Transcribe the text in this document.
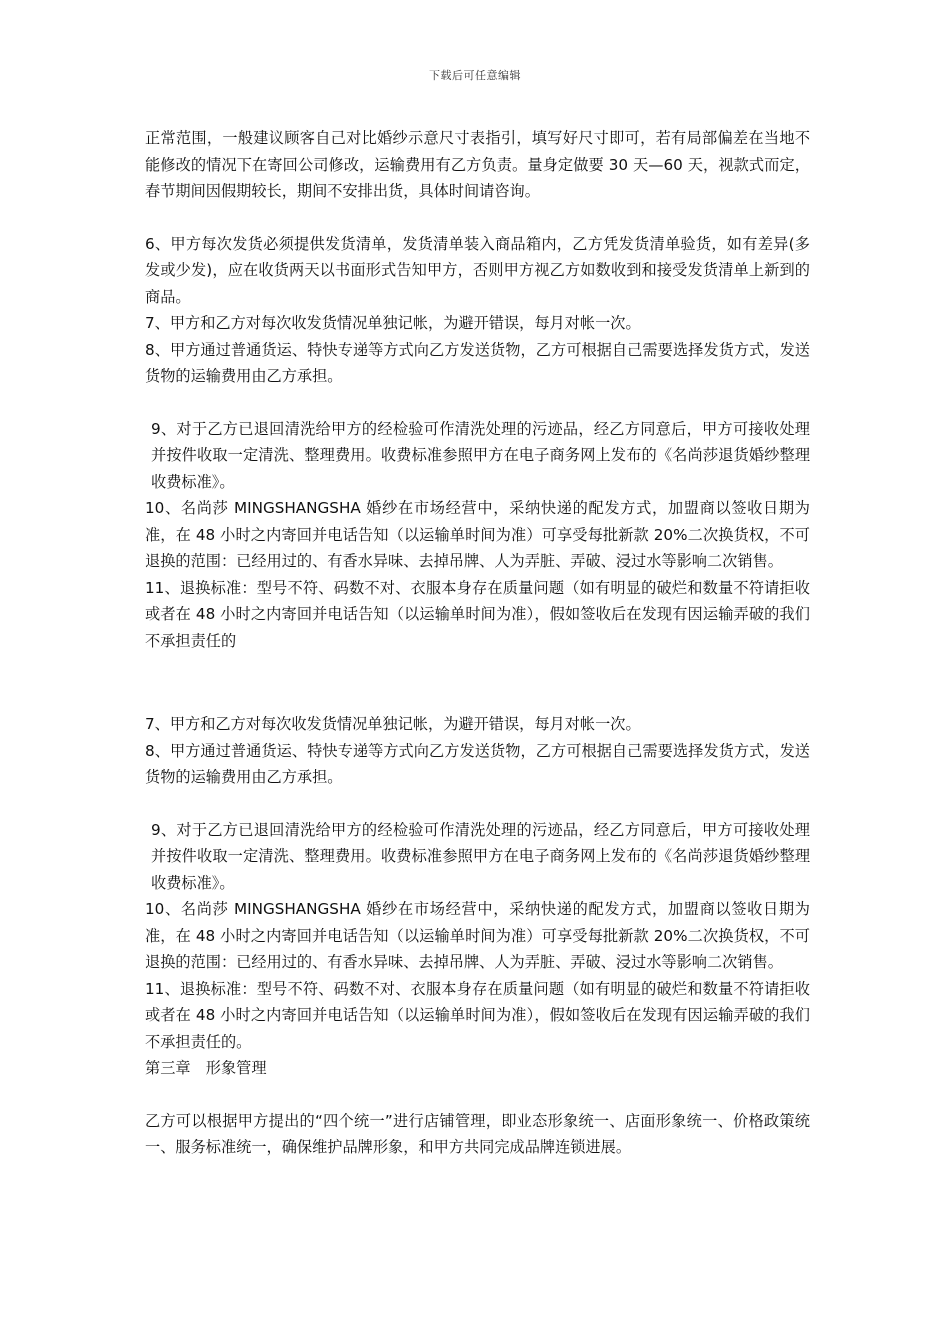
下载后可任意编辑

正常范围，一般建议顾客自己对比婚纱示意尺寸表指引，填写好尺寸即可，若有局部偏差在当地不能修改的情况下在寄回公司修改，运输费用有乙方负责。量身定做要 30 天—60 天，视款式而定，春节期间因假期较长，期间不安排出货，具体时间请咨询。

6、甲方每次发货必须提供发货清单，发货清单装入商品箱内，乙方凭发货清单验货，如有差异(多发或少发)，应在收货两天以书面形式告知甲方，否则甲方视乙方如数收到和接受发货清单上新到的商品。

7、甲方和乙方对每次收发货情况单独记帐，为避开错误，每月对帐一次。

8、甲方通过普通货运、特快专递等方式向乙方发送货物，乙方可根据自己需要选择发货方式，发送货物的运输费用由乙方承担。

9、对于乙方已退回清洗给甲方的经检验可作清洗处理的污迹品，经乙方同意后，甲方可接收处理并按件收取一定清洗、整理费用。收费标准参照甲方在电子商务网上发布的《名尚莎退货婚纱整理收费标准》。

10、名尚莎 MINGSHANGSHA 婚纱在市场经营中，采纳快递的配发方式，加盟商以签收日期为准，在 48 小时之内寄回并电话告知（以运输单时间为准）可享受每批新款 20%二次换货权，不可退换的范围：已经用过的、有香水异味、去掉吊牌、人为弄脏、弄破、浸过水等影响二次销售。

11、退换标准：型号不符、码数不对、衣服本身存在质量问题（如有明显的破烂和数量不符请拒收或者在 48 小时之内寄回并电话告知（以运输单时间为准），假如签收后在发现有因运输弄破的我们不承担责任的

7、甲方和乙方对每次收发货情况单独记帐，为避开错误，每月对帐一次。

8、甲方通过普通货运、特快专递等方式向乙方发送货物，乙方可根据自己需要选择发货方式，发送货物的运输费用由乙方承担。

9、对于乙方已退回清洗给甲方的经检验可作清洗处理的污迹品，经乙方同意后，甲方可接收处理并按件收取一定清洗、整理费用。收费标准参照甲方在电子商务网上发布的《名尚莎退货婚纱整理收费标准》。

10、名尚莎 MINGSHANGSHA 婚纱在市场经营中，采纳快递的配发方式，加盟商以签收日期为准，在 48 小时之内寄回并电话告知（以运输单时间为准）可享受每批新款 20%二次换货权，不可退换的范围：已经用过的、有香水异味、去掉吊牌、人为弄脏、弄破、浸过水等影响二次销售。

11、退换标准：型号不符、码数不对、衣服本身存在质量问题（如有明显的破烂和数量不符请拒收或者在 48 小时之内寄回并电话告知（以运输单时间为准），假如签收后在发现有因运输弄破的我们不承担责任的。

第三章　形象管理

乙方可以根据甲方提出的“四个统一”进行店铺管理，即业态形象统一、店面形象统一、价格政策统一、服务标准统一，确保维护品牌形象，和甲方共同完成品牌连锁进展。
